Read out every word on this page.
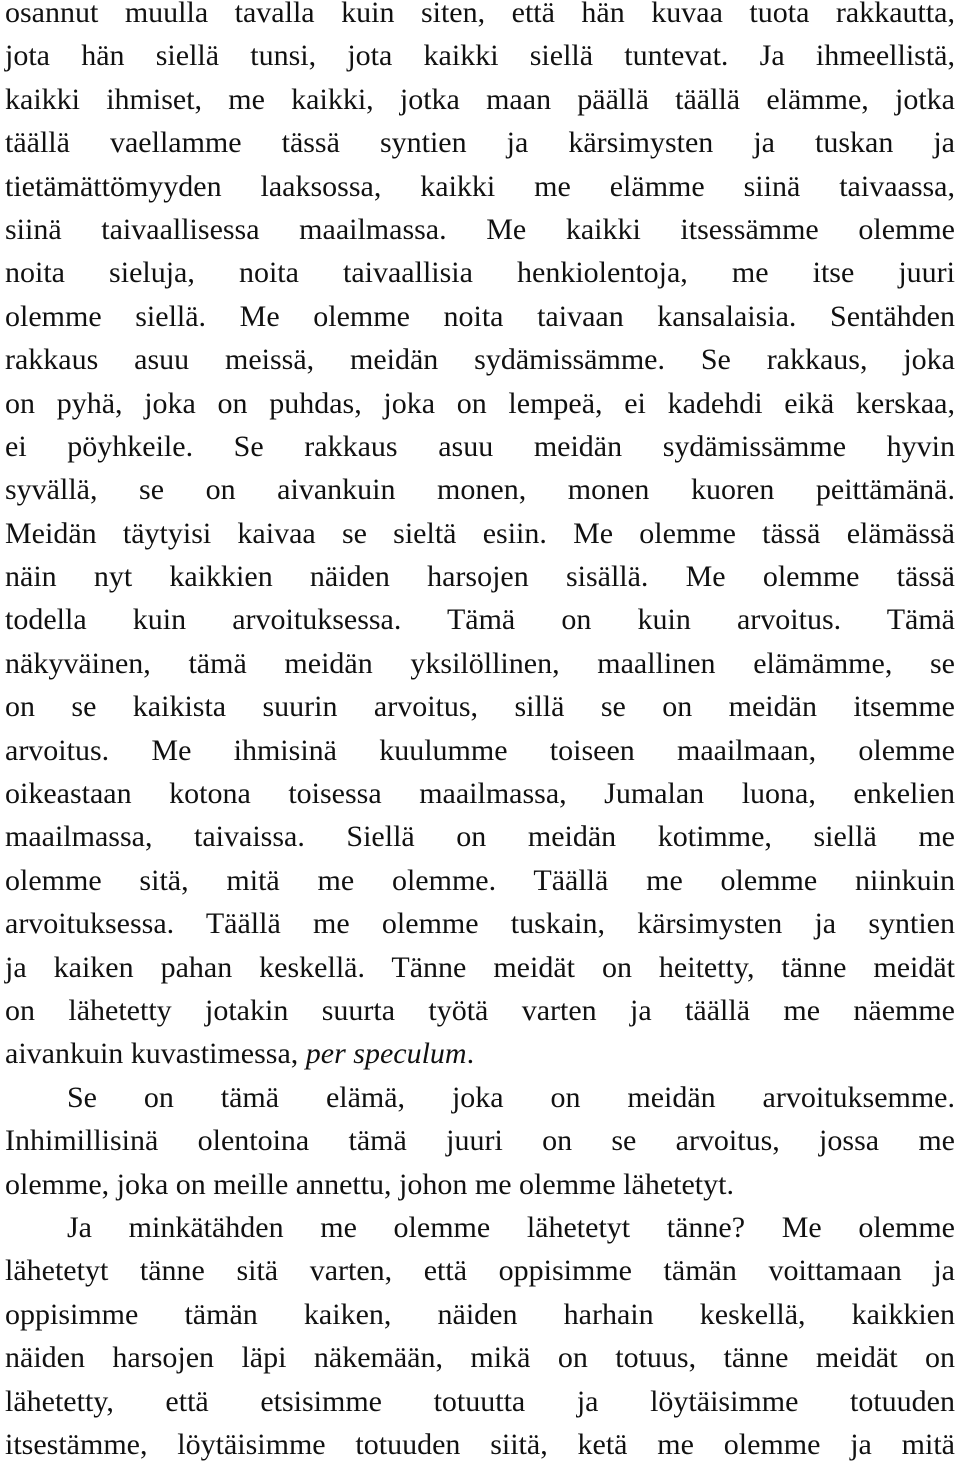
osannut muulla tavalla kuin siten, että hän kuvaa tuota rakkautta,
jota hän siellä tunsi, jota kaikki siellä tuntevat. Ja ihmeellistä,
kaikki ihmiset, me kaikki, jotka maan päällä täällä elämme, jotka
täällä vaellamme tässä syntien ja kärsimysten ja tuskan ja
tietämättömyyden laaksossa, kaikki me elämme siinä taivaassa,
siinä taivaallisessa maailmassa. Me kaikki itsessämme olemme
noita sieluja, noita taivaallisia henkiolentoja, me itse juuri
olemme siellä. Me olemme noita taivaan kansalaisia. Sentähden
rakkaus asuu meissä, meidän sydämissämme. Se rakkaus, joka
on pyhä, joka on puhdas, joka on lempeä, ei kadehdi eikä kerskaa,
ei pöyhkeile. Se rakkaus asuu meidän sydämissämme hyvin
syvällä, se on aivankuin monen, monen kuoren peittämänä.
Meidän täytyisi kaivaa se sieltä esiin. Me olemme tässä elämässä
näin nyt kaikkien näiden harsojen sisällä. Me olemme tässä
todella kuin arvoituksessa. Tämä on kuin arvoitus. Tämä
näkyväinen, tämä meidän yksilöllinen, maallinen elämämme, se
on se kaikista suurin arvoitus, sillä se on meidän itsemme
arvoitus. Me ihmisinä kuulumme toiseen maailmaan, olemme
oikeastaan kotona toisessa maailmassa, Jumalan luona, enkelien
maailmassa, taivaissa. Siellä on meidän kotimme, siellä me
olemme sitä, mitä me olemme. Täällä me olemme niinkuin
arvoituksessa. Täällä me olemme tuskain, kärsimysten ja syntien
ja kaiken pahan keskellä. Tänne meidät on heitetty, tänne meidät
on lähetetty jotakin suurta työtä varten ja täällä me näemme
aivankuin kuvastimessa, per speculum.
Se on tämä elämä, joka on meidän arvoituksemme.
Inhimillisinä olentoina tämä juuri on se arvoitus, jossa me
olemme, joka on meille annettu, johon me olemme lähetetyt.
Ja minkätähden me olemme lähetetyt tänne? Me olemme
lähetetyt tänne sitä varten, että oppisimme tämän voittamaan ja
oppisimme tämän kaiken, näiden harhain keskellä, kaikkien
näiden harsojen läpi näkemään, mikä on totuus, tänne meidät on
lähetetty, että etsisimme totuutta ja löytäisimme totuuden
itsestämme, löytäisimme totuuden siitä, ketä me olemme ja mitä
